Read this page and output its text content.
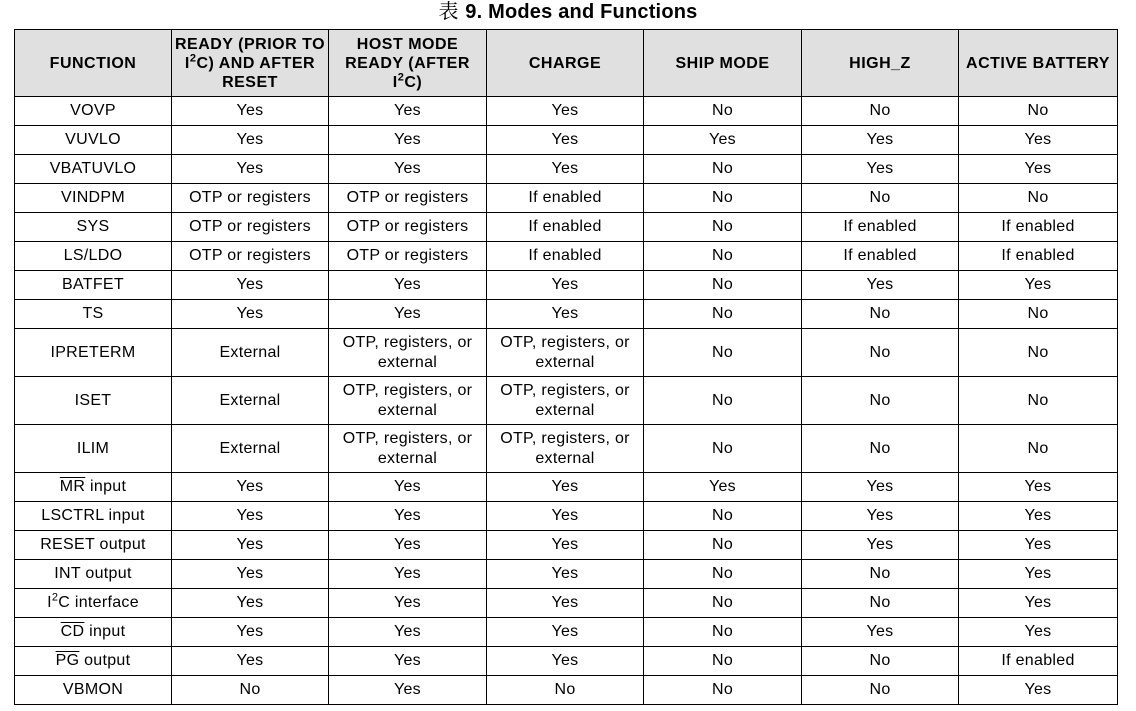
表 9. Modes and Functions
FUNCTION	READY (PRIOR TO $I^2C$) AND AFTER RESET	HOST MODE READY (AFTER $I^2C$)	CHARGE	SHIP MODE	HIGH_Z	ACTIVE BATTERY
VOVP	Yes	Yes	Yes	No	No	No
VUVLO	Yes	Yes	Yes	Yes	Yes	Yes
VBATUVLO	Yes	Yes	Yes	No	Yes	Yes
VINDPM	OTP or registers	OTP or registers	If enabled	No	No	No
SYS	OTP or registers	OTP or registers	If enabled	No	If enabled	If enabled
LS/LDO	OTP or registers	OTP or registers	If enabled	No	If enabled	If enabled
BATFET	Yes	Yes	Yes	No	Yes	Yes
TS	Yes	Yes	Yes	No	No	No
IPRETERM	External	OTP, registers, or external	OTP, registers, or external	No	No	No
ISET	External	OTP, registers, or external	OTP, registers, or external	No	No	No
ILIM	External	OTP, registers, or external	OTP, registers, or external	No	No	No
$\overline{MR}$ input	Yes	Yes	Yes	Yes	Yes	Yes
LSCTRL input	Yes	Yes	Yes	No	Yes	Yes
RESET output	Yes	Yes	Yes	No	Yes	Yes
INT output	Yes	Yes	Yes	No	No	Yes
$I^2C$ interface	Yes	Yes	Yes	No	No	Yes
$\overline{CD}$ input	Yes	Yes	Yes	No	Yes	Yes
$\overline{PG}$ output	Yes	Yes	Yes	No	No	If enabled
VBMON	No	Yes	No	No	No	Yes
